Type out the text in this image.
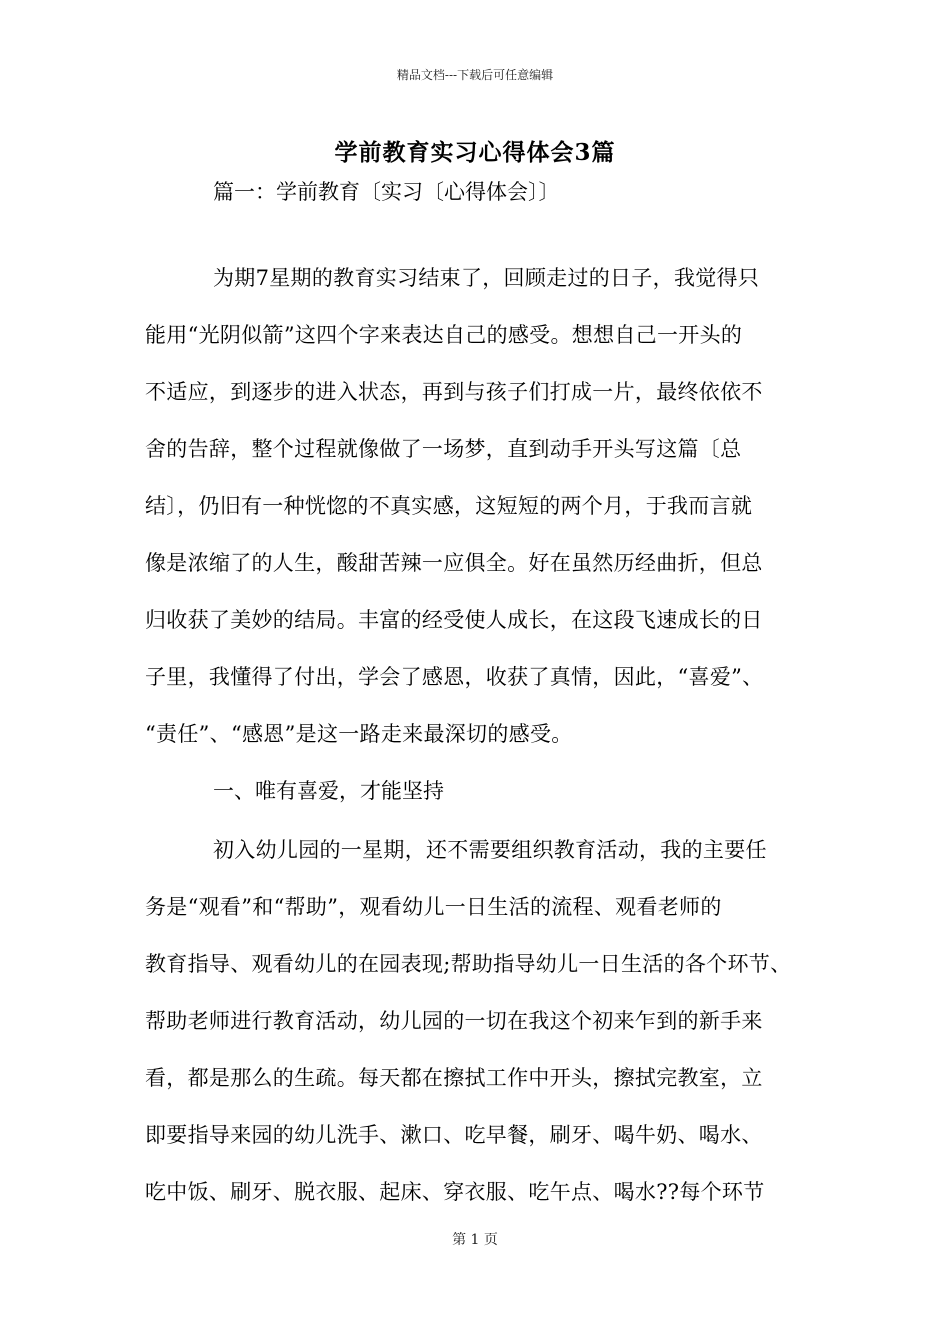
精品文档---下载后可任意编辑
学前教育实习心得体会3篇
篇一：学前教育〔实习〔心得体会〕〕
为期7星期的教育实习结束了，回顾走过的日子，我觉得只
能用“光阴似箭”这四个字来表达自己的感受。想想自己一开头的
不适应，到逐步的进入状态，再到与孩子们打成一片，最终依依不
舍的告辞，整个过程就像做了一场梦，直到动手开头写这篇〔总
结〕，仍旧有一种恍惚的不真实感，这短短的两个月，于我而言就
像是浓缩了的人生，酸甜苦辣一应俱全。好在虽然历经曲折，但总
归收获了美妙的结局。丰富的经受使人成长，在这段飞速成长的日
子里，我懂得了付出，学会了感恩，收获了真情，因此，“喜爱”、
“责任”、“感恩”是这一路走来最深切的感受。
一、唯有喜爱，才能坚持
初入幼儿园的一星期，还不需要组织教育活动，我的主要任
务是“观看”和“帮助”，观看幼儿一日生活的流程、观看老师的
教育指导、观看幼儿的在园表现;帮助指导幼儿一日生活的各个环节、
帮助老师进行教育活动，幼儿园的一切在我这个初来乍到的新手来
看，都是那么的生疏。每天都在擦拭工作中开头，擦拭完教室，立
即要指导来园的幼儿洗手、漱口、吃早餐，刷牙、喝牛奶、喝水、
吃中饭、刷牙、脱衣服、起床、穿衣服、吃午点、喝水??每个环节
第 1 页
